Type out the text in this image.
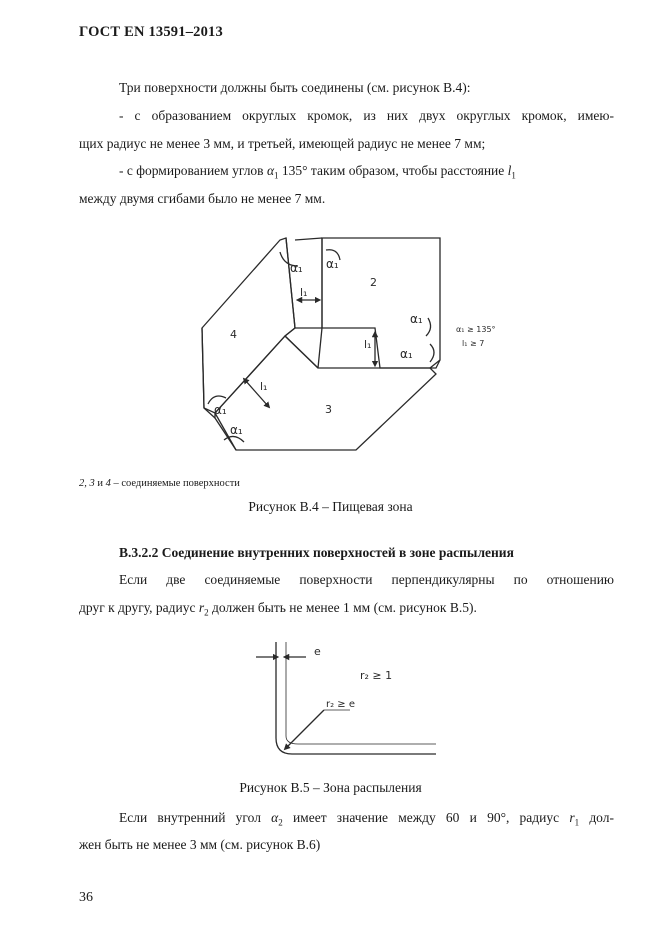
ГОСТ EN 13591–2013
Три поверхности должны быть соединены (см. рисунок В.4):
- с образованием округлых кромок, из них двух округлых кромок, имею-
щих радиус не менее 3 мм, и третьей, имеющей радиус не менее 7 мм;
- с формированием углов $\alpha_1$ 135° таким образом, чтобы расстояние $l_1$
между двумя сгибами было не менее 7 мм.
2
4
3
α₁ α₁
α₁
α₁
α₁
α₁
l₁
l₁
l₁
α₁ ≥ 135°
l₁ ≥ 7
2, 3 и 4 – соединяемые поверхности
Рисунок В.4 – Пищевая зона
В.3.2.2 Соединение внутренних поверхностей в зоне распыления
Если две соединяемые поверхности перпендикулярны по отношению
друг к другу, радиус $r_2$ должен быть не менее 1 мм (см. рисунок В.5).
e
r₂ ≥ 1
r₂ ≥ e
Рисунок В.5 – Зона распыления
Если внутренний угол $\alpha_2$ имеет значение между 60 и 90°, радиус $r_1$ дол-
жен быть не менее 3 мм (см. рисунок В.6)
36
